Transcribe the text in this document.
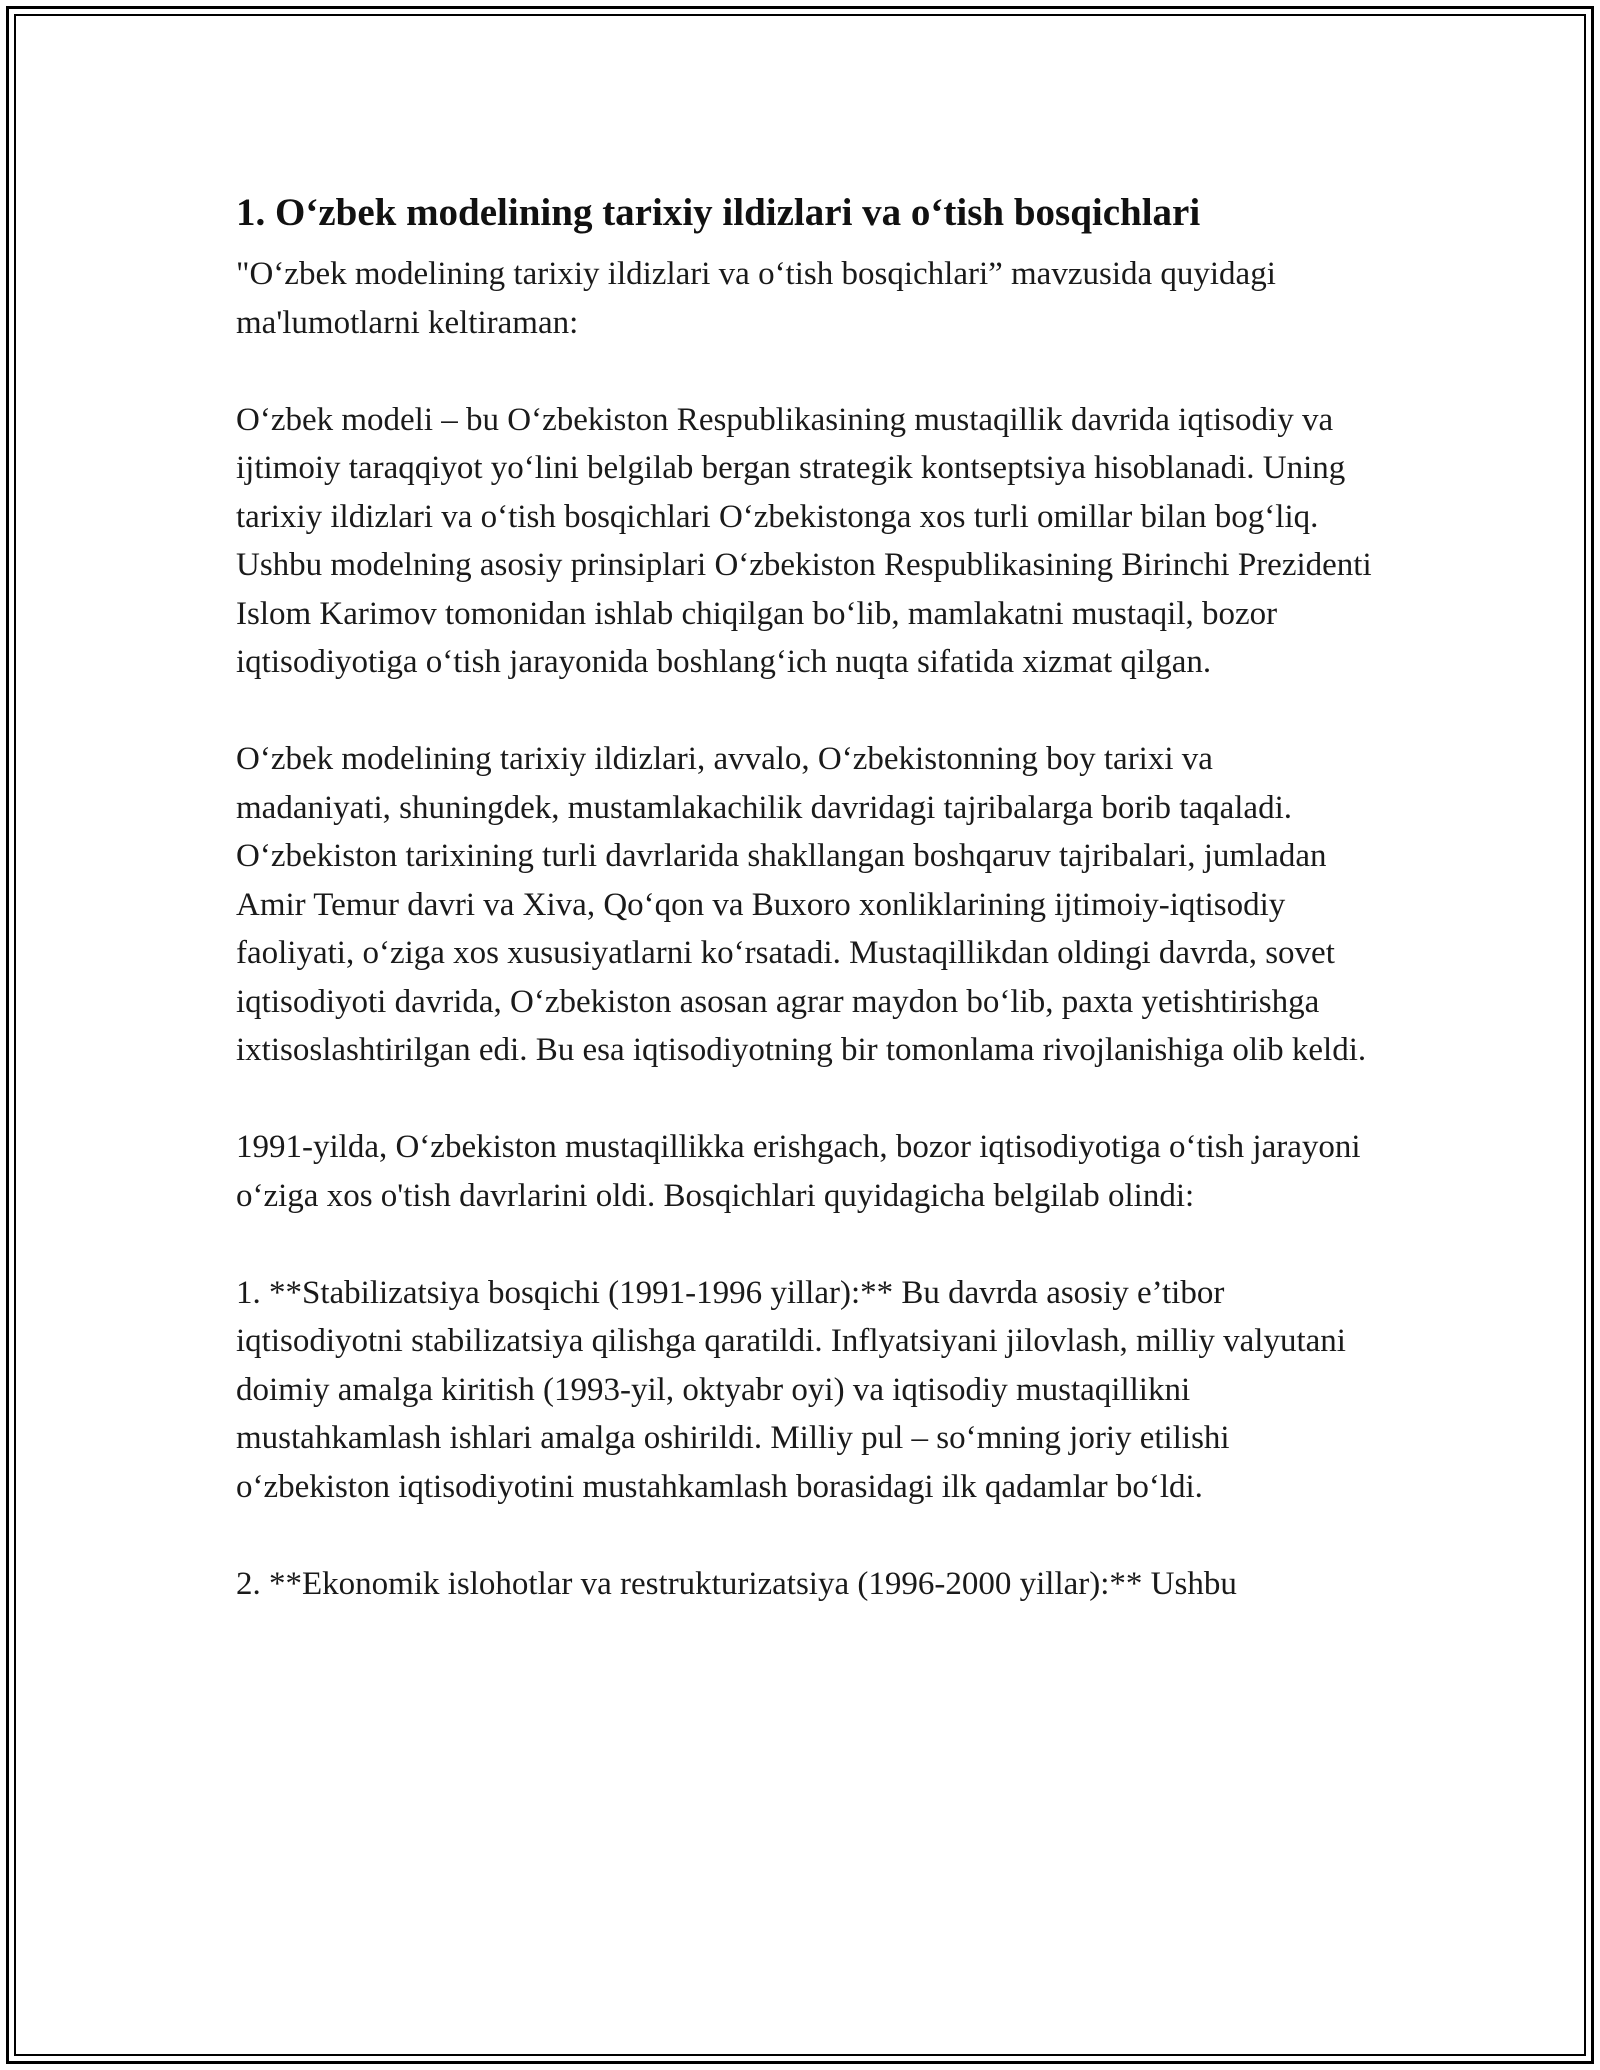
1. Oʻzbek modelining tarixiy ildizlari va oʻtish bosqichlari

"Oʻzbek modelining tarixiy ildizlari va oʻtish bosqichlari” mavzusida quyidagi ma'lumotlarni keltiraman:

Oʻzbek modeli – bu Oʻzbekiston Respublikasining mustaqillik davrida iqtisodiy va ijtimoiy taraqqiyot yoʻlini belgilab bergan strategik kontseptsiya hisoblanadi. Uning tarixiy ildizlari va oʻtish bosqichlari Oʻzbekistonga xos turli omillar bilan bogʻliq. Ushbu modelning asosiy prinsiplari Oʻzbekiston Respublikasining Birinchi Prezidenti Islom Karimov tomonidan ishlab chiqilgan boʻlib, mamlakatni mustaqil, bozor iqtisodiyotiga oʻtish jarayonida boshlangʻich nuqta sifatida xizmat qilgan.

Oʻzbek modelining tarixiy ildizlari, avvalo, Oʻzbekistonning boy tarixi va madaniyati, shuningdek, mustamlakachilik davridagi tajribalarga borib taqaladi. Oʻzbekiston tarixining turli davrlarida shakllangan boshqaruv tajribalari, jumladan Amir Temur davri va Xiva, Qoʻqon va Buxoro xonliklarining ijtimoiy-iqtisodiy faoliyati, oʻziga xos xususiyatlarni koʻrsatadi. Mustaqillikdan oldingi davrda, sovet iqtisodiyoti davrida, Oʻzbekiston asosan agrar maydon boʻlib, paxta yetishtirishga ixtisoslashtirilgan edi. Bu esa iqtisodiyotning bir tomonlama rivojlanishiga olib keldi.

1991-yilda, Oʻzbekiston mustaqillikka erishgach, bozor iqtisodiyotiga oʻtish jarayoni oʻziga xos o'tish davrlarini oldi. Bosqichlari quyidagicha belgilab olindi:

1. **Stabilizatsiya bosqichi (1991-1996 yillar):** Bu davrda asosiy e’tibor iqtisodiyotni stabilizatsiya qilishga qaratildi. Inflyatsiyani jilovlash, milliy valyutani doimiy amalga kiritish (1993-yil, oktyabr oyi) va iqtisodiy mustaqillikni mustahkamlash ishlari amalga oshirildi. Milliy pul – soʻmning joriy etilishi oʻzbekiston iqtisodiyotini mustahkamlash borasidagi ilk qadamlar boʻldi.

2. **Ekonomik islohotlar va restrukturizatsiya (1996-2000 yillar):** Ushbu
